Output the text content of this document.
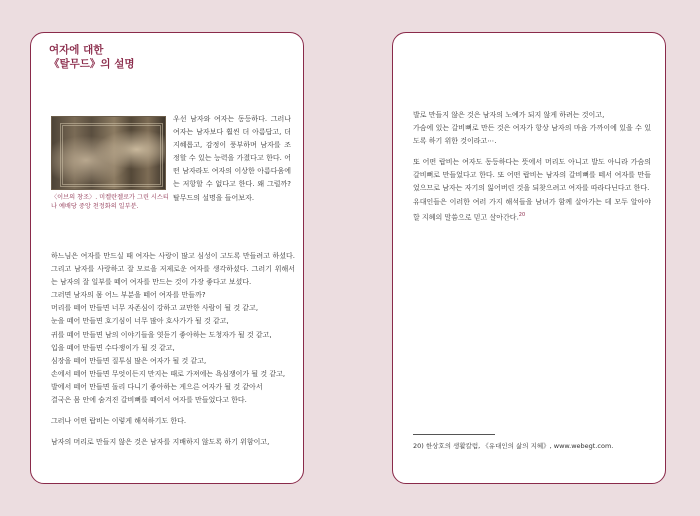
여자에 대한
《탈무드》의 설명
〈이브의 창조〉. 미켈란젤로가 그린 시스티나 예배당 중앙 천정화의 일부분.

우선 남자와 여자는 동등하다. 그러나 여자는 남자보다 훨씬 더 아름답고, 더 지혜롭고, 감정이 풍부하며 남자를 조정할 수 있는 능력을 가졌다고 한다. 어떤 남자라도 여자의 이상한 아름다움에는 저항할 수 없다고 한다. 왜 그럴까? 탈무드의 설명을 들어보자.

하느님은 여자를 만드실 때 여자는 사랑이 많고 심성이 고도록 만들려고 하셨다. 그리고 남자를 사랑하고 잘 모르을 저제로운 여자를 생각하셨다. 그러기 위해서는 남자의 잘 일부를 떼어 여자를 만드는 것이 가장 좋다고 보셨다.

그러면 남자의 몸 어느 부분을 떼어 여자를 만들까?

머리를 떼어 만들면 너무 자존심이 강하고 교만한 사람이 될 것 같고,

눈을 떼어 만들면 호기심이 너무 많아 호사가가 될 것 같고,

귀를 떼어 만들면 남의 이야기들을 엿듣기 좋아하는 도청자가 될 것 같고,

입을 떼어 만들면 수다쟁이가 될 것 같고,

심장을 떼어 만들면 질투심 많은 여자가 될 것 같고,

손에서 떼어 만들면 무엇이든지 만지는 때로 가져에는 욕심쟁이가 될 것 같고,

발에서 떼어 만들면 돌리 다니기 좋아하는 게으른 여자가 될 것 같아서

결국은 몸 안에 숨겨진 갈비뼈를 떼어서 여자를 만들었다고 한다.

그러나 어떤 랍비는 이렇게 해석하기도 한다.

남자의 머리로 만들지 않은 것은 남자를 지배하지 않도록 하기 위함이고,

발로 만들지 않은 것은 남자의 노예가 되지 않게 하려는 것이고,

가슴에 있는 갈비뼈로 만든 것은 여자가 항상 남자의 마음 가까이에 있을 수 있도록 하기 위한 것이라고⋯.

또 어떤 랍비는 여자도 동등하다는 뜻에서 머리도 아니고 발도 아니라 가슴의 갈비뼈로 만들었다고 한다. 또 어떤 랍비는 남자의 갈비뼈를 떼서 여자를 만들었으므로 남자는 자기의 잃어버린 것을 되찾으려고 여자를 따라다닌다고 한다.

유대인들은 이러한 여러 가지 해석들을 남녀가 함께 살아가는 데 모두 알아야 할 지혜의 말씀으로 믿고 살아간다.$^{20}$

20) 한상호의 생활칼럼, 《유대인의 삶의 지혜》, www.webegt.com.
